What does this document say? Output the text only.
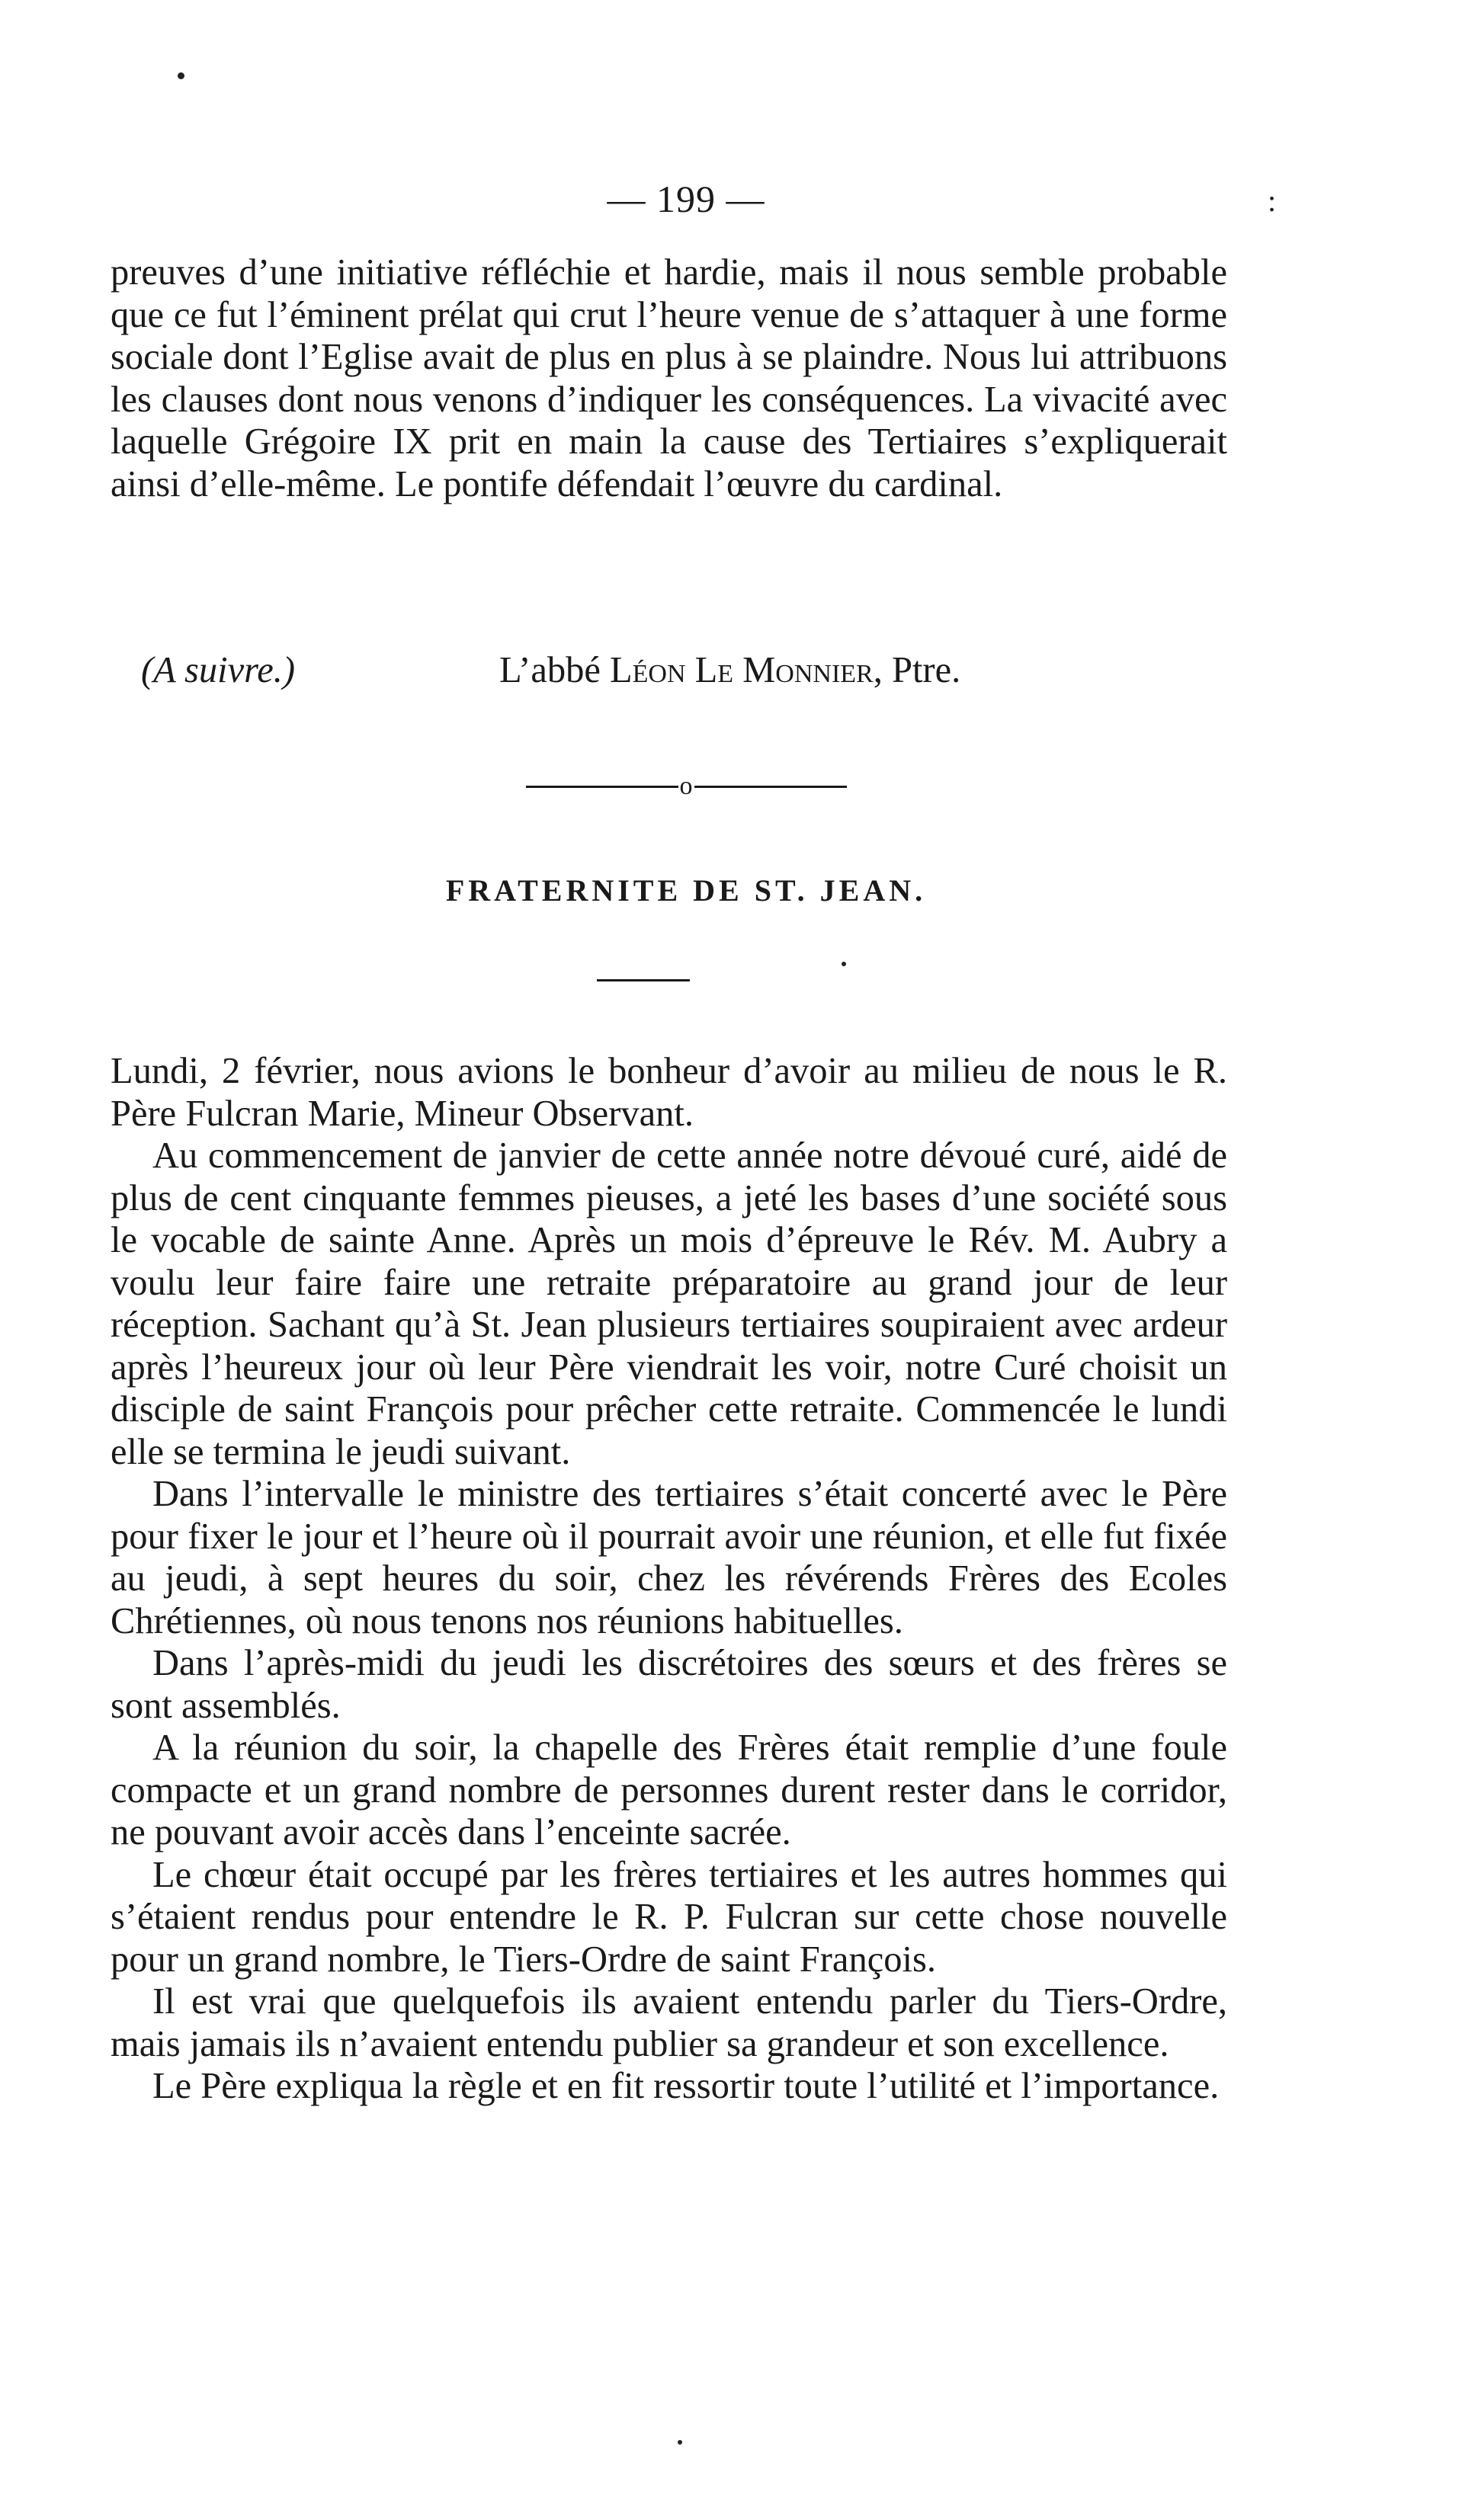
— 199 —	:

preuves d’une initiative réfléchie et hardie, mais il nous semble probable que ce fut l’éminent prélat qui crut l’heure venue de s’attaquer à une forme sociale dont l’Eglise avait de plus en plus à se plaindre. Nous lui attribuons les clauses dont nous venons d’indiquer les conséquences. La vivacité avec laquelle Grégoire IX prit en main la cause des Tertiaires s’expliquerait ainsi d’elle-même. Le pontife défendait l’œuvre du cardinal.

(A suivre.)	L’abbé Léon Le Monnier, Ptre.
o
FRATERNITE DE ST. JEAN.

Lundi, 2 février, nous avions le bonheur d’avoir au milieu de nous le R. Père Fulcran Marie, Mineur Observant.

Au commencement de janvier de cette année notre dévoué curé, aidé de plus de cent cinquante femmes pieuses, a jeté les bases d’une société sous le vocable de sainte Anne. Après un mois d’épreuve le Rév. M. Aubry a voulu leur faire faire une retraite préparatoire au grand jour de leur réception. Sachant qu’à St. Jean plusieurs tertiaires soupiraient avec ardeur après l’heureux jour où leur Père viendrait les voir, notre Curé choisit un disciple de saint François pour prêcher cette retraite. Commencée le lundi elle se termina le jeudi suivant.

Dans l’intervalle le ministre des tertiaires s’était concerté avec le Père pour fixer le jour et l’heure où il pourrait avoir une réunion, et elle fut fixée au jeudi, à sept heures du soir, chez les révérends Frères des Ecoles Chrétiennes, où nous tenons nos réunions habituelles.

Dans l’après-midi du jeudi les discrétoires des sœurs et des frères se sont assemblés.

A la réunion du soir, la chapelle des Frères était remplie d’une foule compacte et un grand nombre de personnes durent rester dans le corridor, ne pouvant avoir accès dans l’enceinte sacrée.

Le chœur était occupé par les frères tertiaires et les autres hommes qui s’étaient rendus pour entendre le R. P. Fulcran sur cette chose nouvelle pour un grand nombre, le Tiers-Ordre de saint François.

Il est vrai que quelquefois ils avaient entendu parler du Tiers-Ordre, mais jamais ils n’avaient entendu publier sa grandeur et son excellence.

Le Père expliqua la règle et en fit ressortir toute l’utilité et l’importance.
